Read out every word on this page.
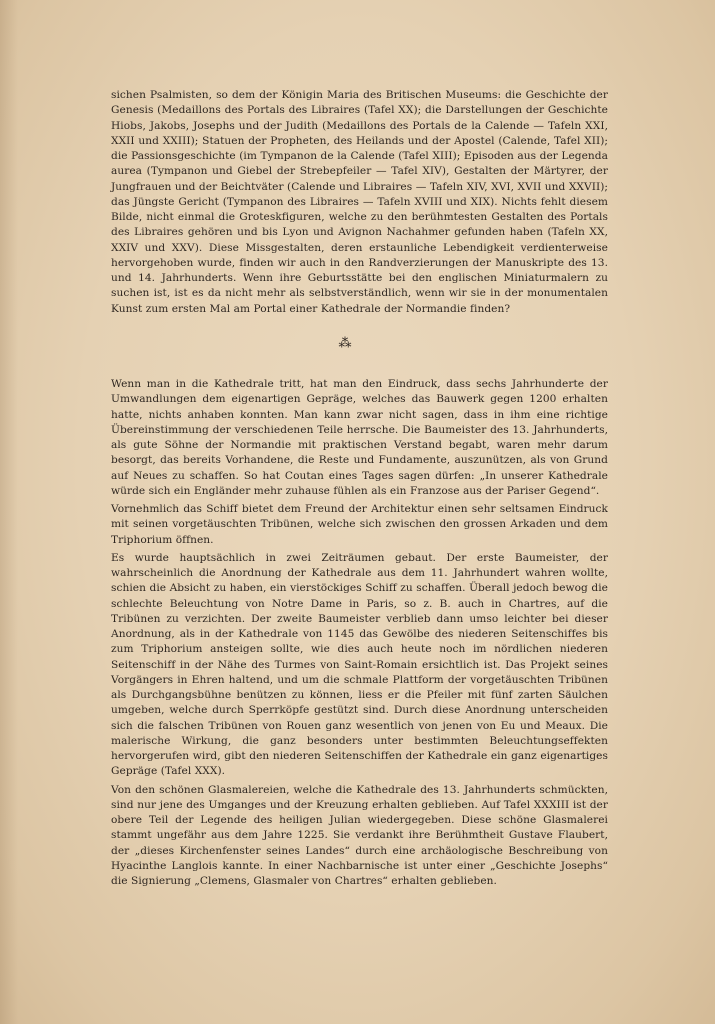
sichen Psalmisten, so dem der Königin Maria des Britischen Museums: die Geschichte der Genesis (Medaillons des Portals des Libraires (Tafel XX); die Darstellungen der Geschichte Hiobs, Jakobs, Josephs und der Judith (Medaillons des Portals de la Calende — Tafeln XXI, XXII und XXIII); Statuen der Propheten, des Heilands und der Apostel (Calende, Tafel XII); die Passionsgeschichte (im Tympanon de la Calende (Tafel XIII); Episoden aus der Legenda aurea (Tympanon und Giebel der Strebepfeiler — Tafel XIV), Gestalten der Märtyrer, der Jungfrauen und der Beichtväter (Calende und Libraires — Tafeln XIV, XVI, XVII und XXVII); das Jüngste Gericht (Tympanon des Libraires — Tafeln XVIII und XIX). Nichts fehlt diesem Bilde, nicht einmal die Groteskfiguren, welche zu den berühmtesten Gestalten des Portals des Libraires gehören und bis Lyon und Avignon Nachahmer gefunden haben (Tafeln XX, XXIV und XXV). Diese Missgestalten, deren erstaunliche Lebendigkeit verdienterweise hervorgehoben wurde, finden wir auch in den Randverzierungen der Manuskripte des 13. und 14. Jahrhunderts. Wenn ihre Geburtsstätte bei den englischen Miniaturmalern zu suchen ist, ist es da nicht mehr als selbstverständlich, wenn wir sie in der monumentalen Kunst zum ersten Mal am Portal einer Kathedrale der Normandie finden?

⁂

Wenn man in die Kathedrale tritt, hat man den Eindruck, dass sechs Jahrhunderte der Umwandlungen dem eigenartigen Gepräge, welches das Bauwerk gegen 1200 erhalten hatte, nichts anhaben konnten. Man kann zwar nicht sagen, dass in ihm eine richtige Übereinstimmung der verschiedenen Teile herrsche. Die Baumeister des 13. Jahrhunderts, als gute Söhne der Normandie mit praktischen Verstand begabt, waren mehr darum besorgt, das bereits Vorhandene, die Reste und Fundamente, auszunützen, als von Grund auf Neues zu schaffen. So hat Coutan eines Tages sagen dürfen: „In unserer Kathedrale würde sich ein Engländer mehr zuhause fühlen als ein Franzose aus der Pariser Gegend“.

Vornehmlich das Schiff bietet dem Freund der Architektur einen sehr seltsamen Eindruck mit seinen vorgetäuschten Tribünen, welche sich zwischen den grossen Arkaden und dem Triphorium öffnen.

Es wurde hauptsächlich in zwei Zeiträumen gebaut. Der erste Baumeister, der wahrscheinlich die Anordnung der Kathedrale aus dem 11. Jahrhundert wahren wollte, schien die Absicht zu haben, ein vierstöckiges Schiff zu schaffen. Überall jedoch bewog die schlechte Beleuchtung von Notre Dame in Paris, so z. B. auch in Chartres, auf die Tribünen zu verzichten. Der zweite Baumeister verblieb dann umso leichter bei dieser Anordnung, als in der Kathedrale von 1145 das Gewölbe des niederen Seitenschiffes bis zum Triphorium ansteigen sollte, wie dies auch heute noch im nördlichen niederen Seitenschiff in der Nähe des Turmes von Saint-Romain ersichtlich ist. Das Projekt seines Vorgängers in Ehren haltend, und um die schmale Plattform der vorgetäuschten Tribünen als Durchgangsbühne benützen zu können, liess er die Pfeiler mit fünf zarten Säulchen umgeben, welche durch Sperrköpfe gestützt sind. Durch diese Anordnung unterscheiden sich die falschen Tribünen von Rouen ganz wesentlich von jenen von Eu und Meaux. Die malerische Wirkung, die ganz besonders unter bestimmten Beleuchtungseffekten hervorgerufen wird, gibt den niederen Seitenschiffen der Kathedrale ein ganz eigenartiges Gepräge (Tafel XXX).

Von den schönen Glasmalereien, welche die Kathedrale des 13. Jahrhunderts schmückten, sind nur jene des Umganges und der Kreuzung erhalten geblieben. Auf Tafel XXXIII ist der obere Teil der Legende des heiligen Julian wiedergegeben. Diese schöne Glasmalerei stammt ungefähr aus dem Jahre 1225. Sie verdankt ihre Berühmtheit Gustave Flaubert, der „dieses Kirchenfenster seines Landes“ durch eine archäologische Beschreibung von Hyacinthe Langlois kannte. In einer Nachbarnische ist unter einer „Geschichte Josephs“ die Signierung „Clemens, Glasmaler von Chartres“ erhalten geblieben.
